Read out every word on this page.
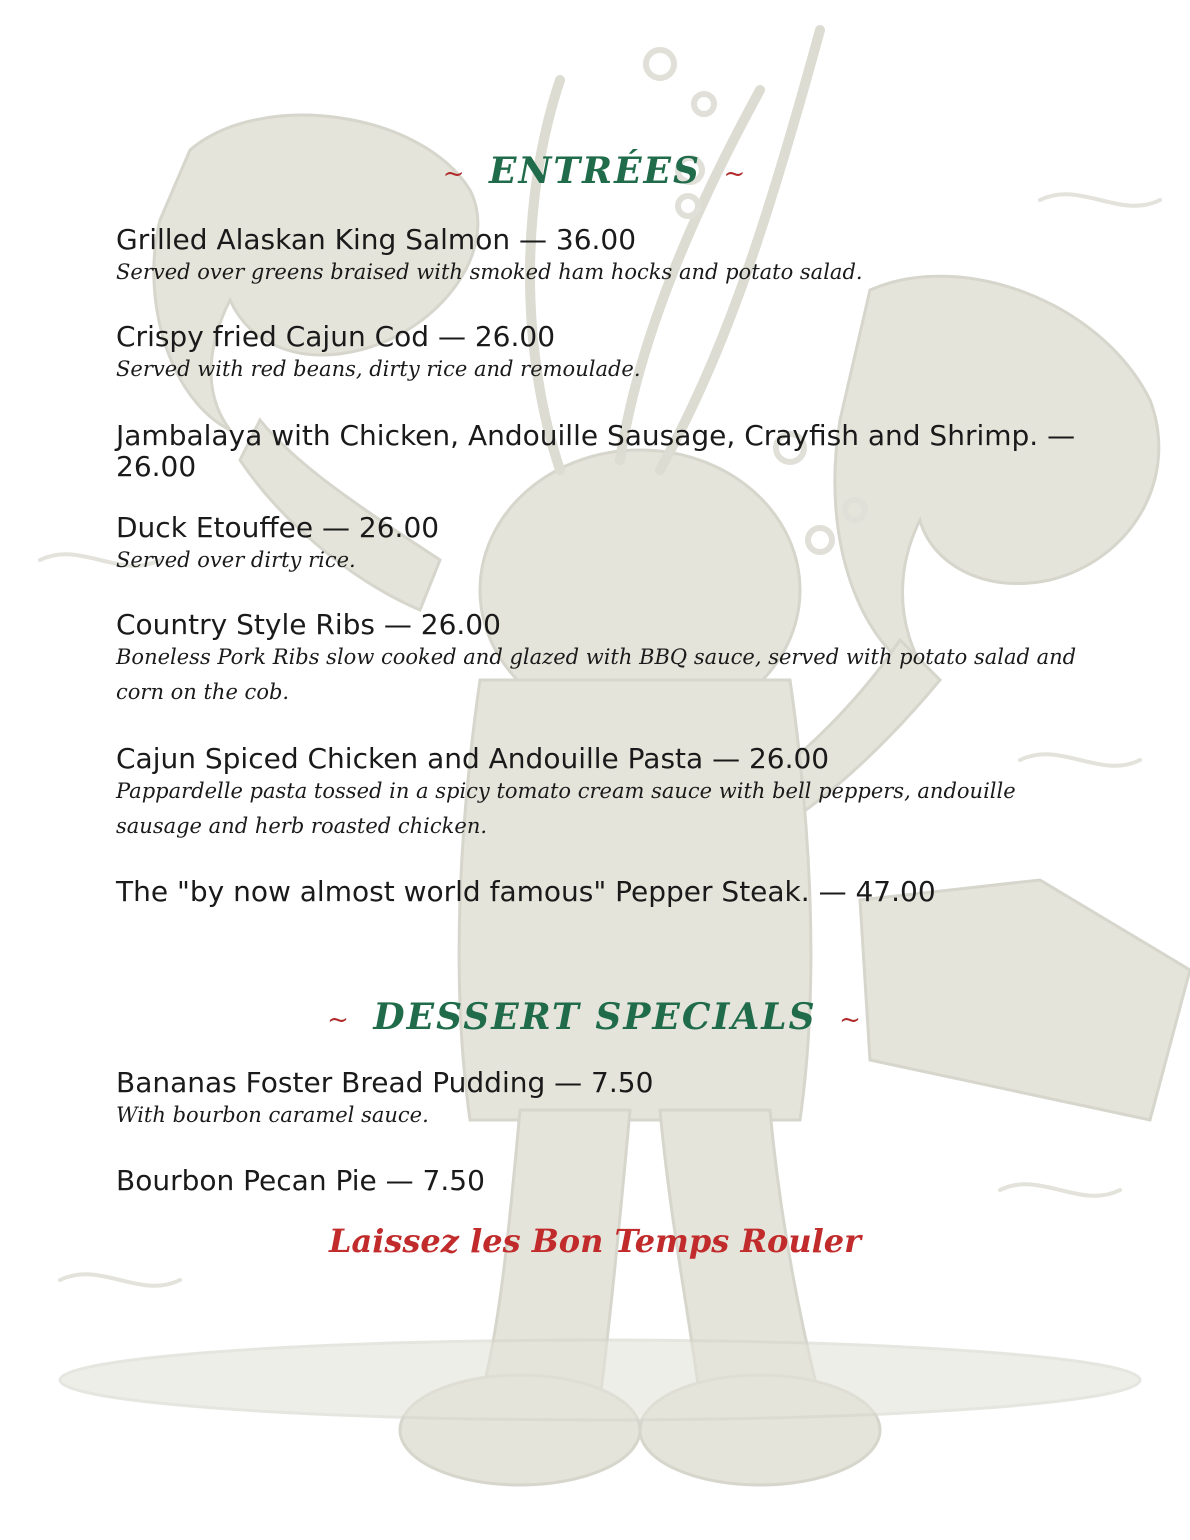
~ ENTRÉES ~
Grilled Alaskan King Salmon — 36.00
Served over greens braised with smoked ham hocks and potato salad.
Crispy fried Cajun Cod — 26.00
Served with red beans, dirty rice and remoulade.
Jambalaya with Chicken, Andouille Sausage, Crayfish and Shrimp. — 26.00
Duck Etouffee — 26.00
Served over dirty rice.
Country Style Ribs — 26.00
Boneless Pork Ribs slow cooked and glazed with BBQ sauce, served with potato salad and corn on the cob.
Cajun Spiced Chicken and Andouille Pasta — 26.00
Pappardelle pasta tossed in a spicy tomato cream sauce with bell peppers, andouille sausage and herb roasted chicken.
The "by now almost world famous" Pepper Steak. — 47.00
~ DESSERT SPECIALS ~
Bananas Foster Bread Pudding — 7.50
With bourbon caramel sauce.
Bourbon Pecan Pie — 7.50
Laissez les Bon Temps Rouler
